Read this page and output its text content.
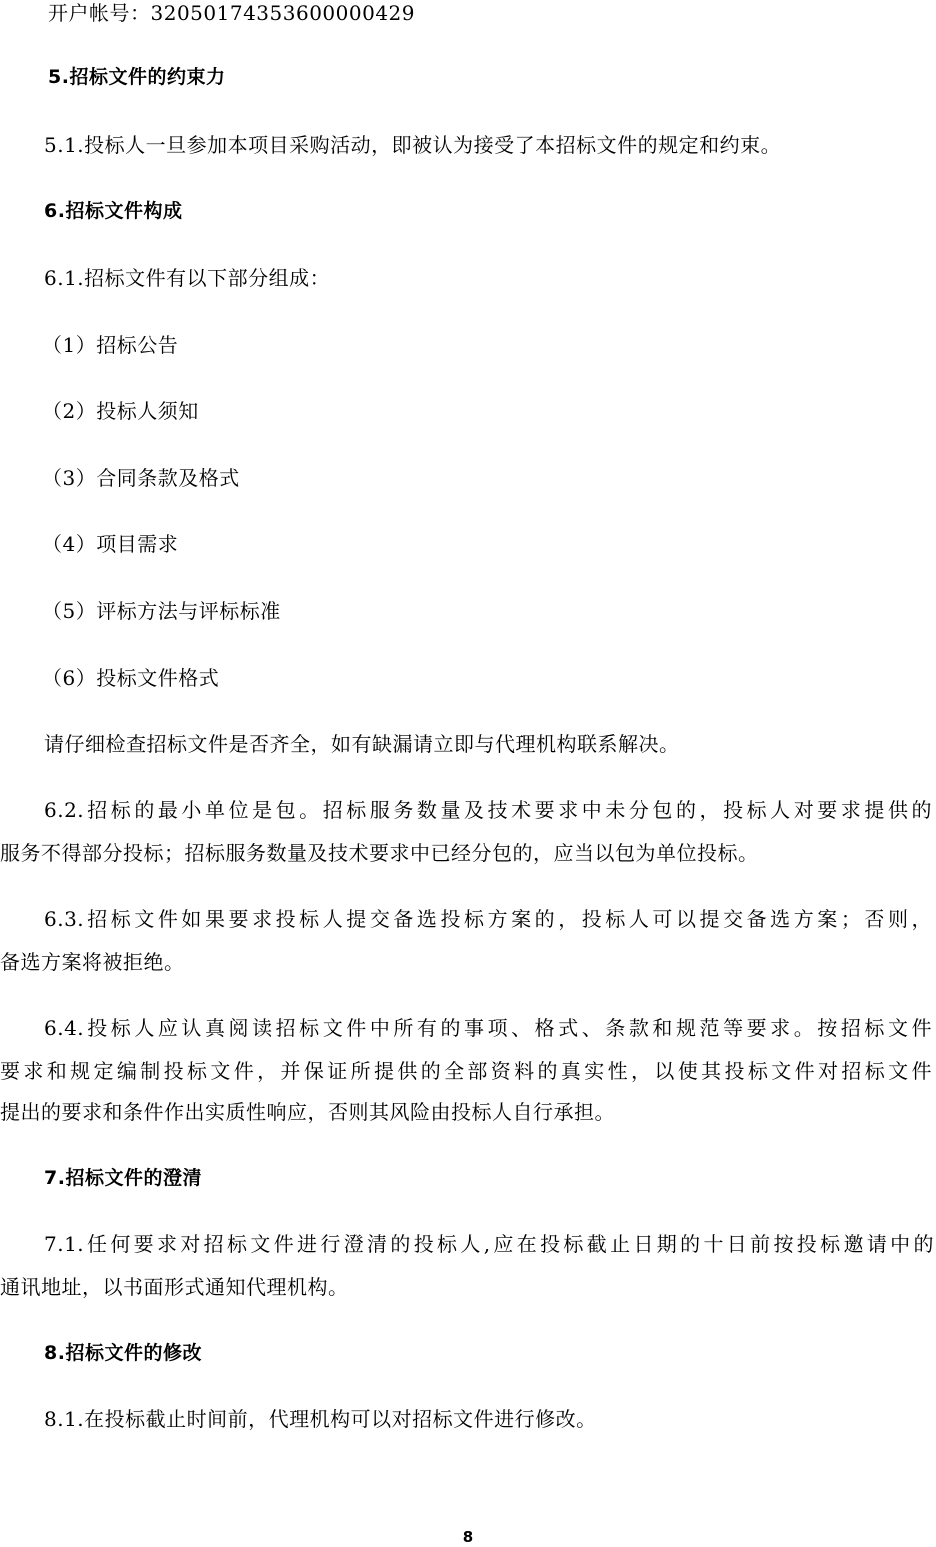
开户帐号：32050174353600000429
5.招标文件的约束力
5.1.投标人一旦参加本项目采购活动，即被认为接受了本招标文件的规定和约束。
6.招标文件构成
6.1.招标文件有以下部分组成：
（1）招标公告
（2）投标人须知
（3）合同条款及格式
（4）项目需求
（5）评标方法与评标标准
（6）投标文件格式
请仔细检查招标文件是否齐全，如有缺漏请立即与代理机构联系解决。
6.2.招标的最小单位是包。招标服务数量及技术要求中未分包的，投标人对要求提供的
服务不得部分投标；招标服务数量及技术要求中已经分包的，应当以包为单位投标。
6.3.招标文件如果要求投标人提交备选投标方案的，投标人可以提交备选方案；否则，
备选方案将被拒绝。
6.4.投标人应认真阅读招标文件中所有的事项、格式、条款和规范等要求。按招标文件
要求和规定编制投标文件，并保证所提供的全部资料的真实性，以使其投标文件对招标文件
提出的要求和条件作出实质性响应，否则其风险由投标人自行承担。
7.招标文件的澄清
7.1.任何要求对招标文件进行澄清的投标人,应在投标截止日期的十日前按投标邀请中的
通讯地址，以书面形式通知代理机构。
8.招标文件的修改
8.1.在投标截止时间前，代理机构可以对招标文件进行修改。
8
